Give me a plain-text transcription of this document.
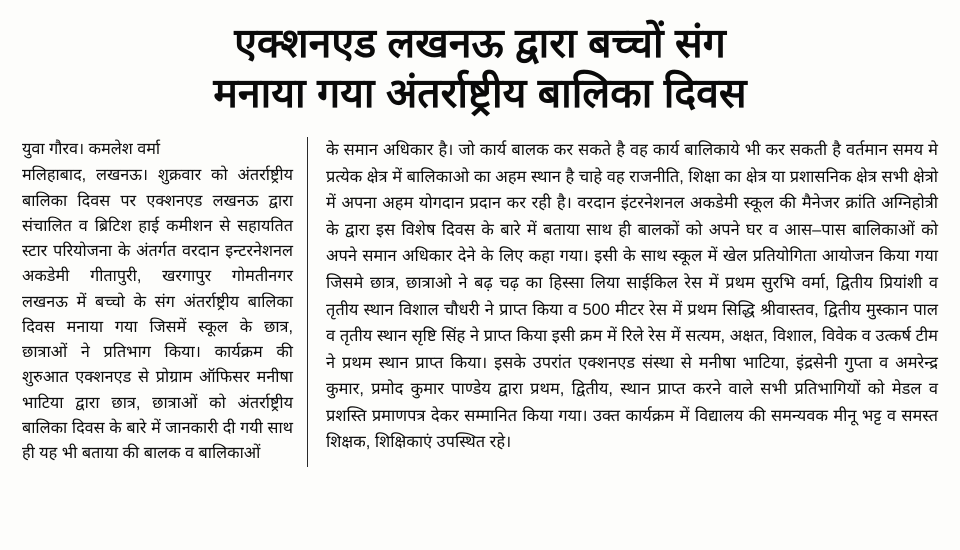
एक्शनएड लखनऊ द्वारा बच्चों संग
मनाया गया अंतर्राष्ट्रीय बालिका दिवस
युवा गौरव। कमलेश वर्मा

मलिहाबाद, लखनऊ। शुक्रवार को अंतर्राष्ट्रीय बालिका दिवस पर एक्शनएड लखनऊ द्वारा संचालित व ब्रिटिश हाई कमीशन से सहायतित स्टार परियोजना के अंतर्गत वरदान इन्टरनेशनल अकडेमी गीतापुरी, खरगापुर गोमतीनगर लखनऊ में बच्चो के संग अंतर्राष्ट्रीय बालिका दिवस मनाया गया जिसमें स्कूल के छात्र, छात्राओं ने प्रतिभाग किया। कार्यक्रम की शुरुआत एक्शनएड से प्रोग्राम ऑफिसर मनीषा भाटिया द्वारा छात्र, छात्राओं को अंतर्राष्ट्रीय बालिका दिवस के बारे में जानकारी दी गयी साथ ही यह भी बताया की बालक व बालिकाओं

के समान अधिकार है। जो कार्य बालक कर सकते है वह कार्य बालिकाये भी कर सकती है वर्तमान समय मे प्रत्येक क्षेत्र में बालिकाओ का अहम स्थान है चाहे वह राजनीति, शिक्षा का क्षेत्र या प्रशासनिक क्षेत्र सभी क्षेत्रो में अपना अहम योगदान प्रदान कर रही है। वरदान इंटरनेशनल अकडेमी स्कूल की मैनेजर क्रांति अग्निहोत्री के द्वारा इस विशेष दिवस के बारे में बताया साथ ही बालकों को अपने घर व आस–पास बालिकाओं को अपने समान अधिकार देने के लिए कहा गया। इसी के साथ स्कूल में खेल प्रतियोगिता आयोजन किया गया जिसमे छात्र, छात्राओ ने बढ़ चढ़ का हिस्सा लिया साईकिल रेस में प्रथम सुरभि वर्मा, द्वितीय प्रियांशी व तृतीय स्थान विशाल चौधरी ने प्राप्त किया व 500 मीटर रेस में प्रथम सिद्धि श्रीवास्तव, द्वितीय मुस्कान पाल व तृतीय स्थान सृष्टि सिंह ने प्राप्त किया इसी क्रम में रिले रेस में सत्यम, अक्षत, विशाल, विवेक व उत्कर्ष टीम ने प्रथम स्थान प्राप्त किया। इसके उपरांत एक्शनएड संस्था से मनीषा भाटिया, इंद्रसेनी गुप्ता व अमरेन्द्र कुमार, प्रमोद कुमार पाण्डेय द्वारा प्रथम, द्वितीय, स्थान प्राप्त करने वाले सभी प्रतिभागियों को मेडल व प्रशस्ति प्रमाणपत्र देकर सम्मानित किया गया। उक्त कार्यक्रम में विद्यालय की समन्यवक मीनू भट्ट व समस्त शिक्षक, शिक्षिकाएं उपस्थित रहे।
